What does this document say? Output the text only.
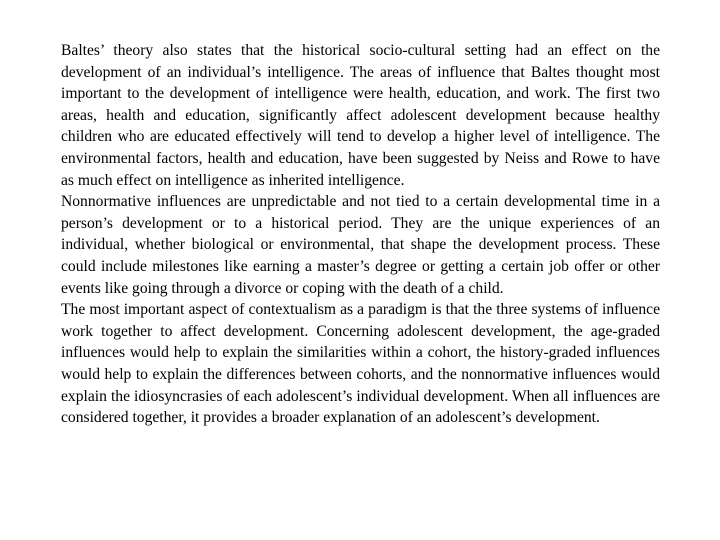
Baltes’ theory also states that the historical socio-cultural setting had an effect on the development of an individual’s intelligence. The areas of influence that Baltes thought most important to the development of intelligence were health, education, and work. The first two areas, health and education, significantly affect adolescent development because healthy children who are educated effectively will tend to develop a higher level of intelligence. The environmental factors, health and education, have been suggested by Neiss and Rowe to have as much effect on intelligence as inherited intelligence.

Nonnormative influences are unpredictable and not tied to a certain developmental time in a person’s development or to a historical period. They are the unique experiences of an individual, whether biological or environmental, that shape the development process. These could include milestones like earning a master’s degree or getting a certain job offer or other events like going through a divorce or coping with the death of a child.

The most important aspect of contextualism as a paradigm is that the three systems of influence work together to affect development. Concerning adolescent development, the age-graded influences would help to explain the similarities within a cohort, the history-graded influences would help to explain the differences between cohorts, and the nonnormative influences would explain the idiosyncrasies of each adolescent’s individual development. When all influences are considered together, it provides a broader explanation of an adolescent’s development.
